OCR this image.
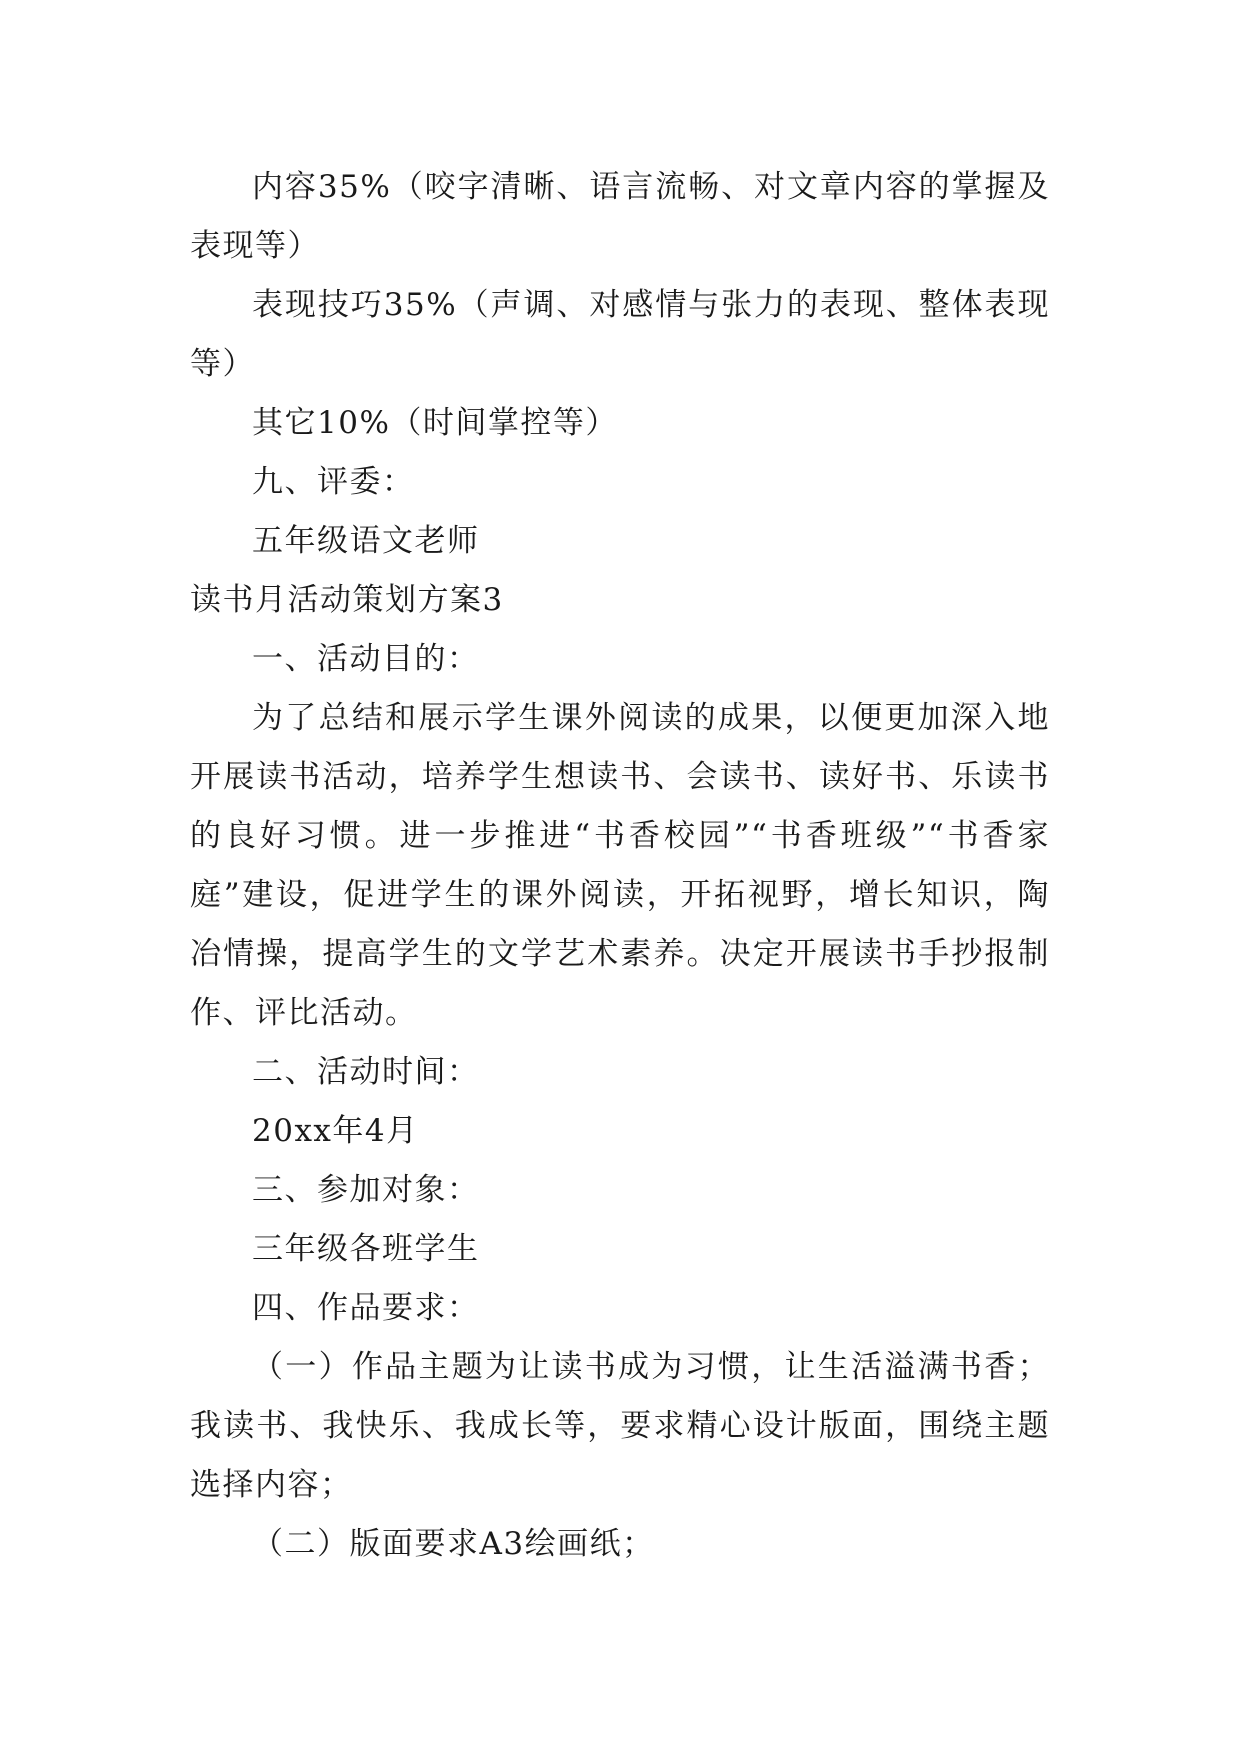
内容35%（咬字清晰、语言流畅、对文章内容的掌握及表现等）

表现技巧35%（声调、对感情与张力的表现、整体表现等）

其它10%（时间掌控等）

九、评委：

五年级语文老师

读书月活动策划方案3

一、活动目的：

为了总结和展示学生课外阅读的成果，以便更加深入地开展读书活动，培养学生想读书、会读书、读好书、乐读书的良好习惯。进一步推进“书香校园”“书香班级”“书香家庭”建设，促进学生的课外阅读，开拓视野，增长知识，陶冶情操，提高学生的文学艺术素养。决定开展读书手抄报制作、评比活动。

二、活动时间：

20xx年4月

三、参加对象：

三年级各班学生

四、作品要求：

（一）作品主题为让读书成为习惯，让生活溢满书香；我读书、我快乐、我成长等，要求精心设计版面，围绕主题选择内容；

（二）版面要求A3绘画纸；
